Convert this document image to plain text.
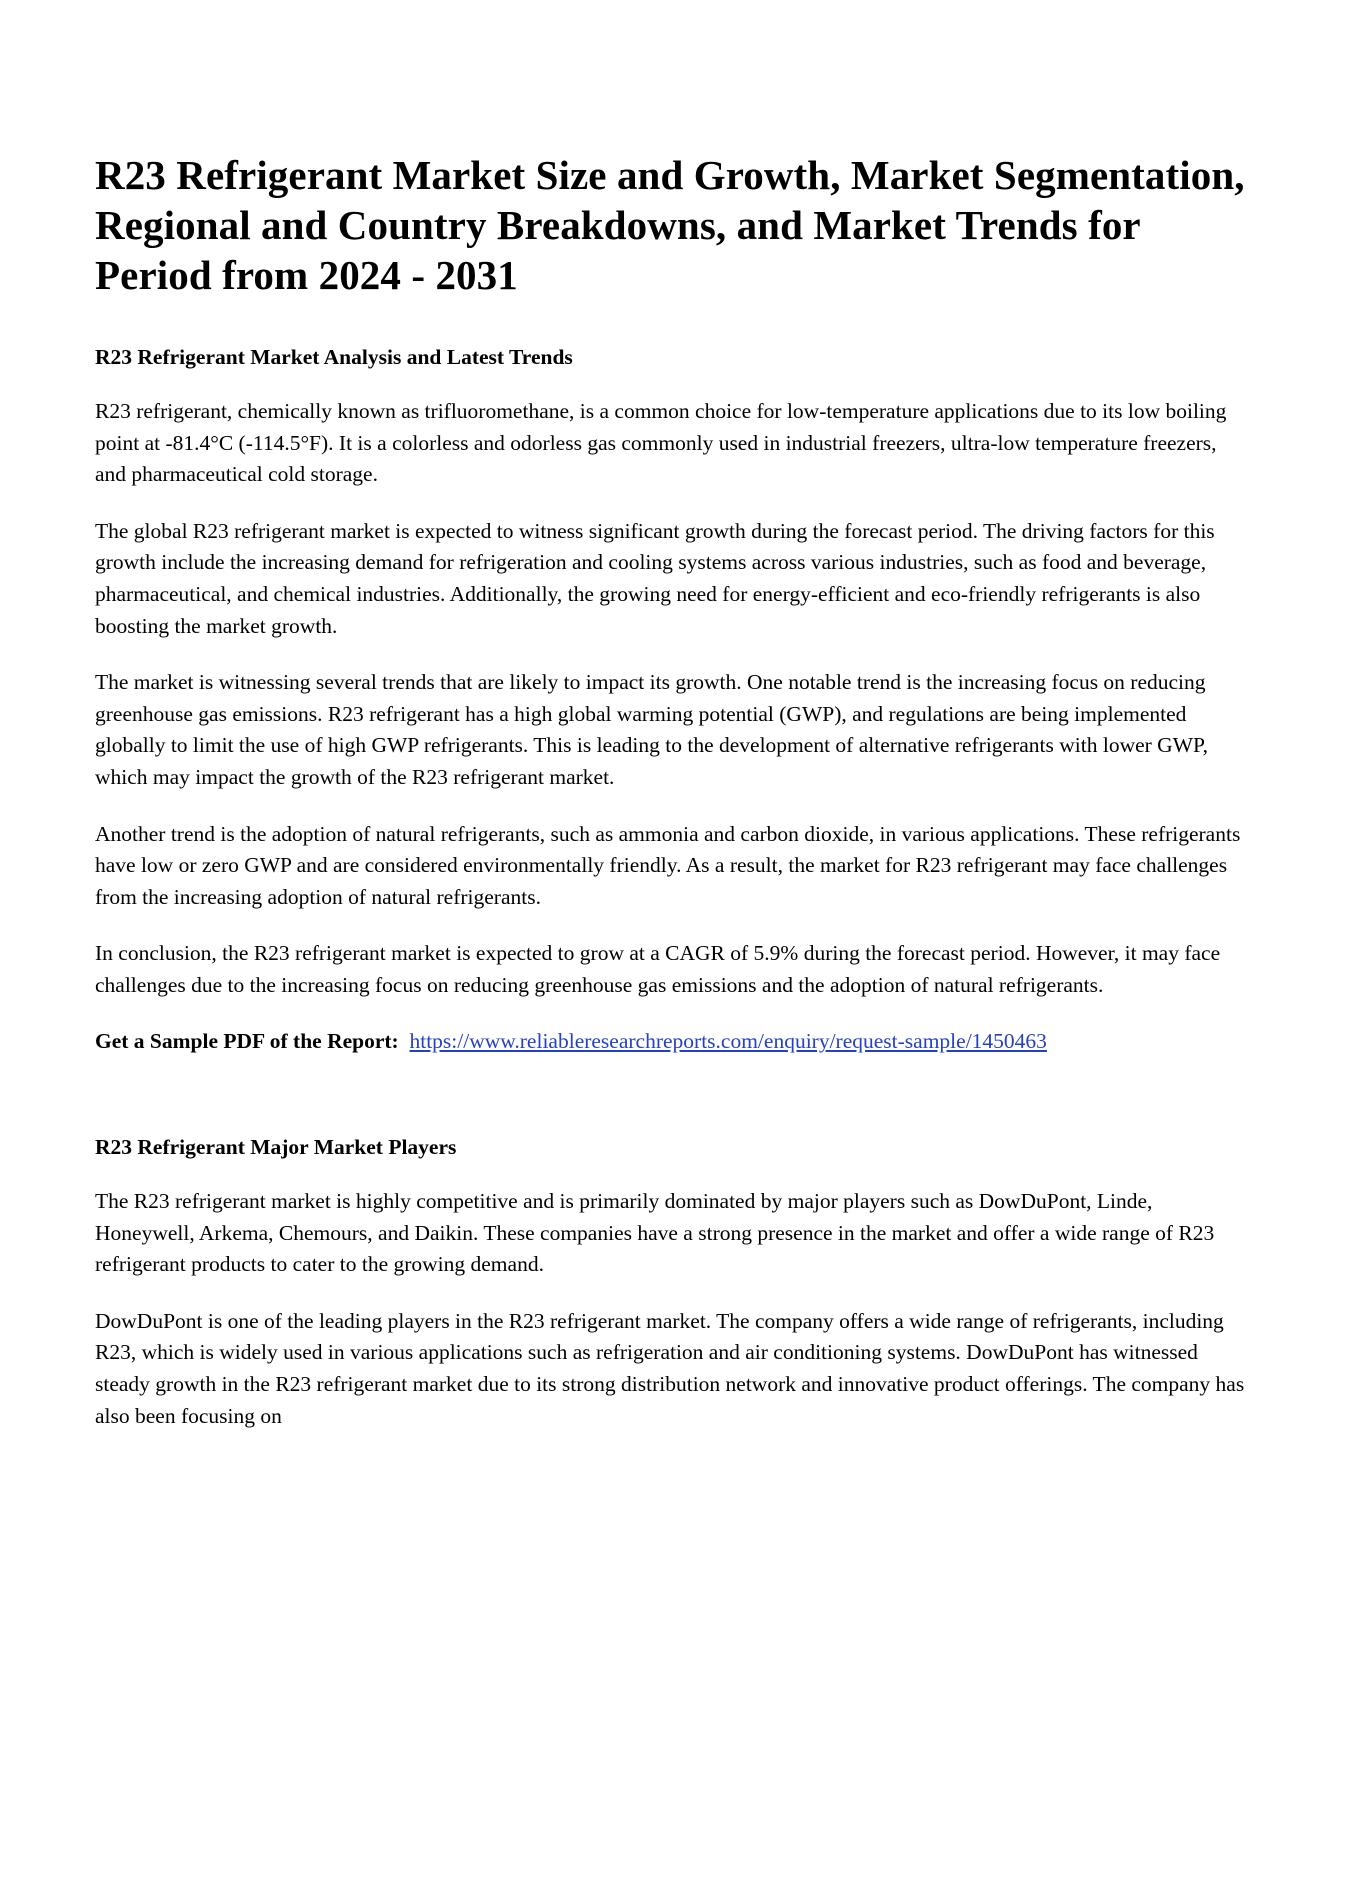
R23 Refrigerant Market Size and Growth, Market Segmentation, Regional and Country Breakdowns, and Market Trends for Period from 2024 - 2031
R23 Refrigerant Market Analysis and Latest Trends

R23 refrigerant, chemically known as trifluoromethane, is a common choice for low-temperature applications due to its low boiling point at -81.4°C (-114.5°F). It is a colorless and odorless gas commonly used in industrial freezers, ultra-low temperature freezers, and pharmaceutical cold storage.

The global R23 refrigerant market is expected to witness significant growth during the forecast period. The driving factors for this growth include the increasing demand for refrigeration and cooling systems across various industries, such as food and beverage, pharmaceutical, and chemical industries. Additionally, the growing need for energy-efficient and eco-friendly refrigerants is also boosting the market growth.

The market is witnessing several trends that are likely to impact its growth. One notable trend is the increasing focus on reducing greenhouse gas emissions. R23 refrigerant has a high global warming potential (GWP), and regulations are being implemented globally to limit the use of high GWP refrigerants. This is leading to the development of alternative refrigerants with lower GWP, which may impact the growth of the R23 refrigerant market.

Another trend is the adoption of natural refrigerants, such as ammonia and carbon dioxide, in various applications. These refrigerants have low or zero GWP and are considered environmentally friendly. As a result, the market for R23 refrigerant may face challenges from the increasing adoption of natural refrigerants.

In conclusion, the R23 refrigerant market is expected to grow at a CAGR of 5.9% during the forecast period. However, it may face challenges due to the increasing focus on reducing greenhouse gas emissions and the adoption of natural refrigerants.

Get a Sample PDF of the Report: https://www.reliableresearchreports.com/enquiry/request-sample/1450463

R23 Refrigerant Major Market Players

The R23 refrigerant market is highly competitive and is primarily dominated by major players such as DowDuPont, Linde, Honeywell, Arkema, Chemours, and Daikin. These companies have a strong presence in the market and offer a wide range of R23 refrigerant products to cater to the growing demand.

DowDuPont is one of the leading players in the R23 refrigerant market. The company offers a wide range of refrigerants, including R23, which is widely used in various applications such as refrigeration and air conditioning systems. DowDuPont has witnessed steady growth in the R23 refrigerant market due to its strong distribution network and innovative product offerings. The company has also been focusing on
